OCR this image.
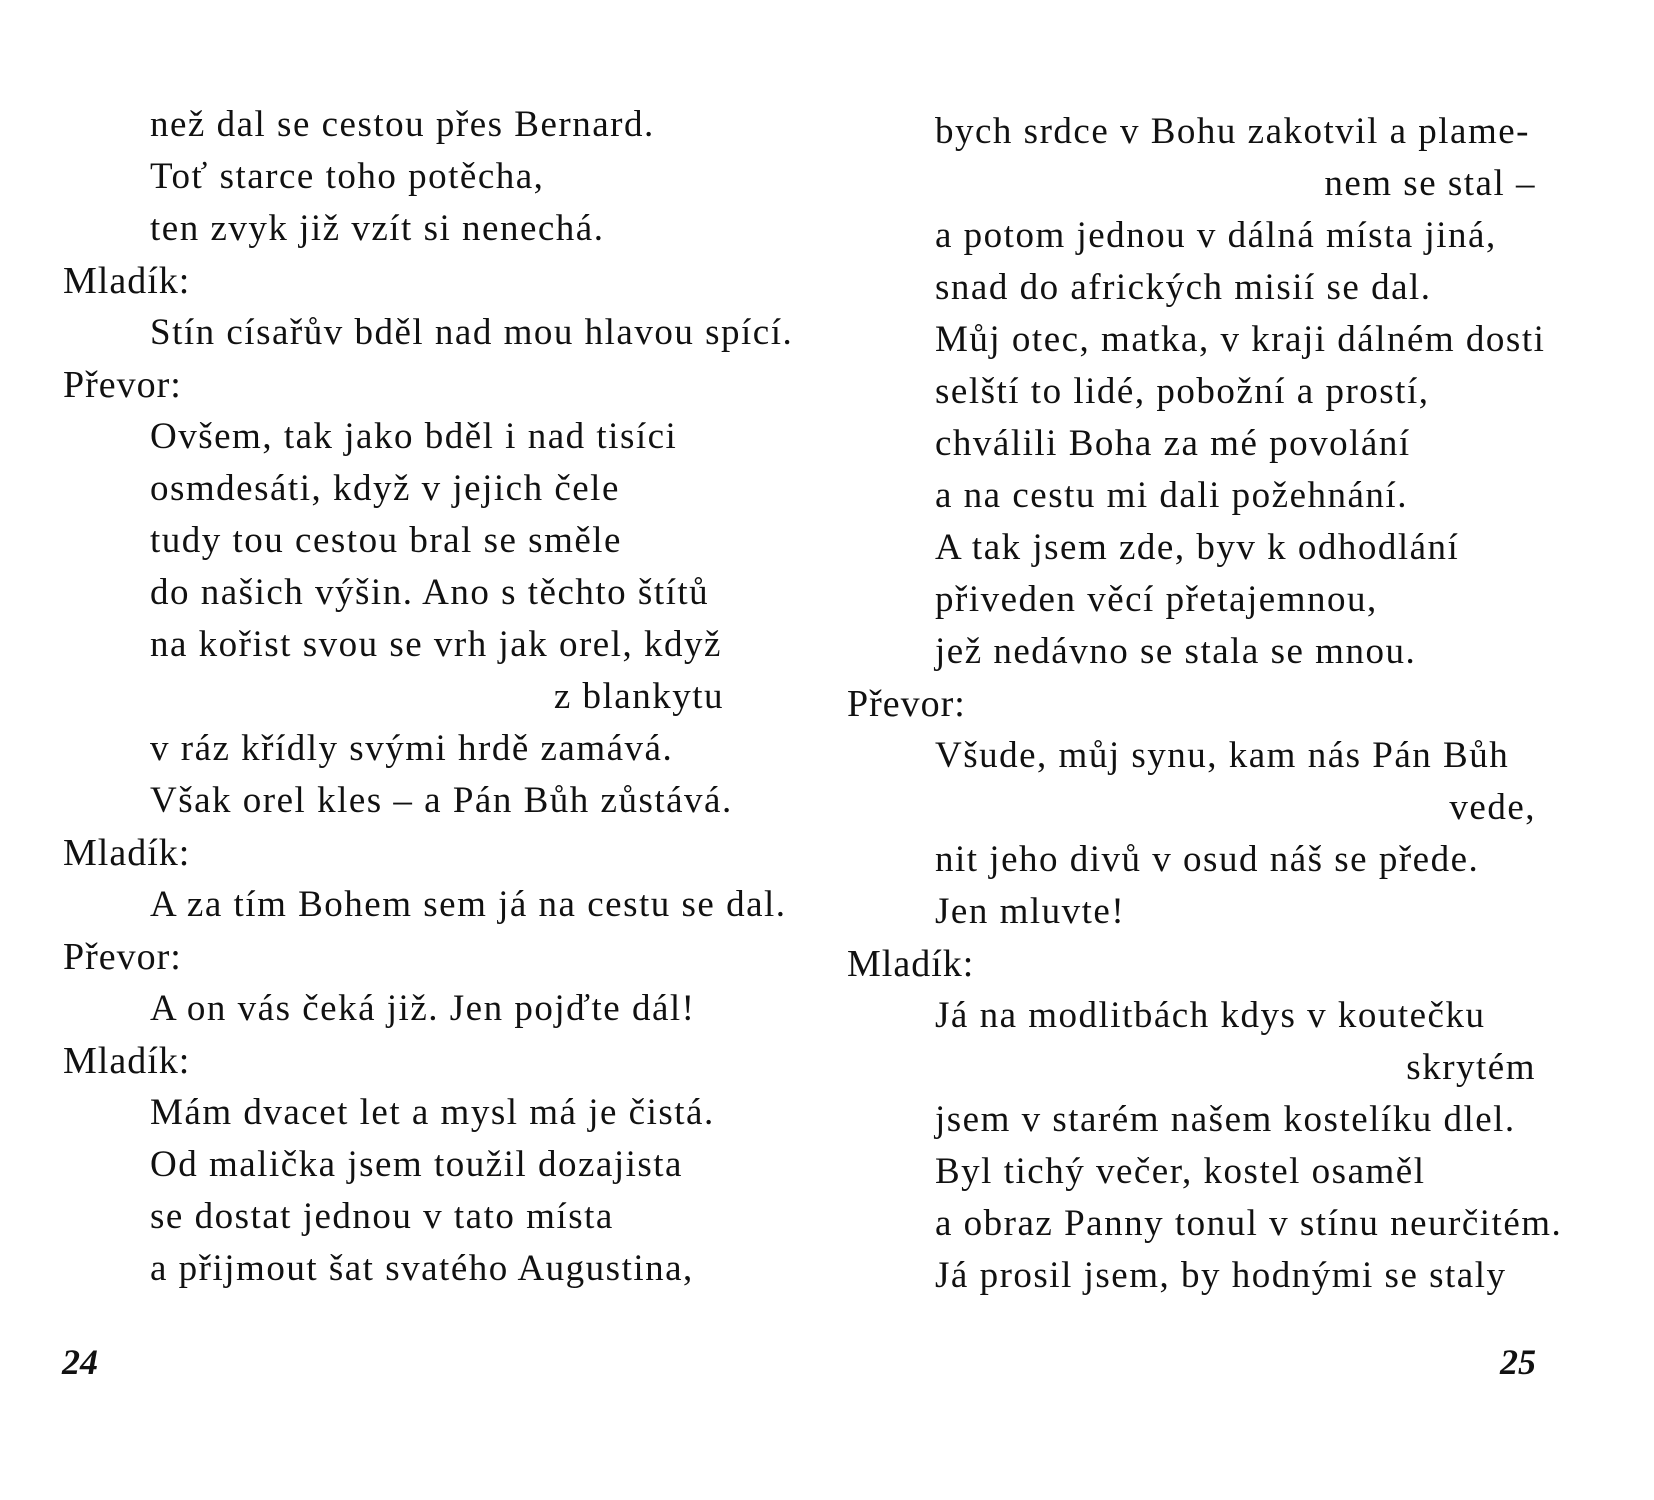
než dal se cestou přes Bernard.
Toť starce toho potěcha,
ten zvyk již vzít si nenechá.
Mladík:
Stín císařův bděl nad mou hlavou spící.
Převor:
Ovšem, tak jako bděl i nad tisíci
osmdesáti, když v jejich čele
tudy tou cestou bral se směle
do našich výšin. Ano s těchto štítů
na kořist svou se vrh jak orel, když
z blankytu
v ráz křídly svými hrdě zamává.
Však orel kles – a Pán Bůh zůstává.
Mladík:
A za tím Bohem sem já na cestu se dal.
Převor:
A on vás čeká již. Jen pojďte dál!
Mladík:
Mám dvacet let a mysl má je čistá.
Od malička jsem toužil dozajista
se dostat jednou v tato místa
a přijmout šat svatého Augustina,
24
bych srdce v Bohu zakotvil a plame-
nem se stal –
a potom jednou v dálná místa jiná,
snad do afrických misií se dal.
Můj otec, matka, v kraji dálném dosti
selští to lidé, pobožní a prostí,
chválili Boha za mé povolání
a na cestu mi dali požehnání.
A tak jsem zde, byv k odhodlání
přiveden věcí přetajemnou,
jež nedávno se stala se mnou.
Převor:
Všude, můj synu, kam nás Pán Bůh
vede,
nit jeho divů v osud náš se přede.
Jen mluvte!
Mladík:
Já na modlitbách kdys v koutečku
skrytém
jsem v starém našem kostelíku dlel.
Byl tichý večer, kostel osaměl
a obraz Panny tonul v stínu neurčitém.
Já prosil jsem, by hodnými se staly
25
